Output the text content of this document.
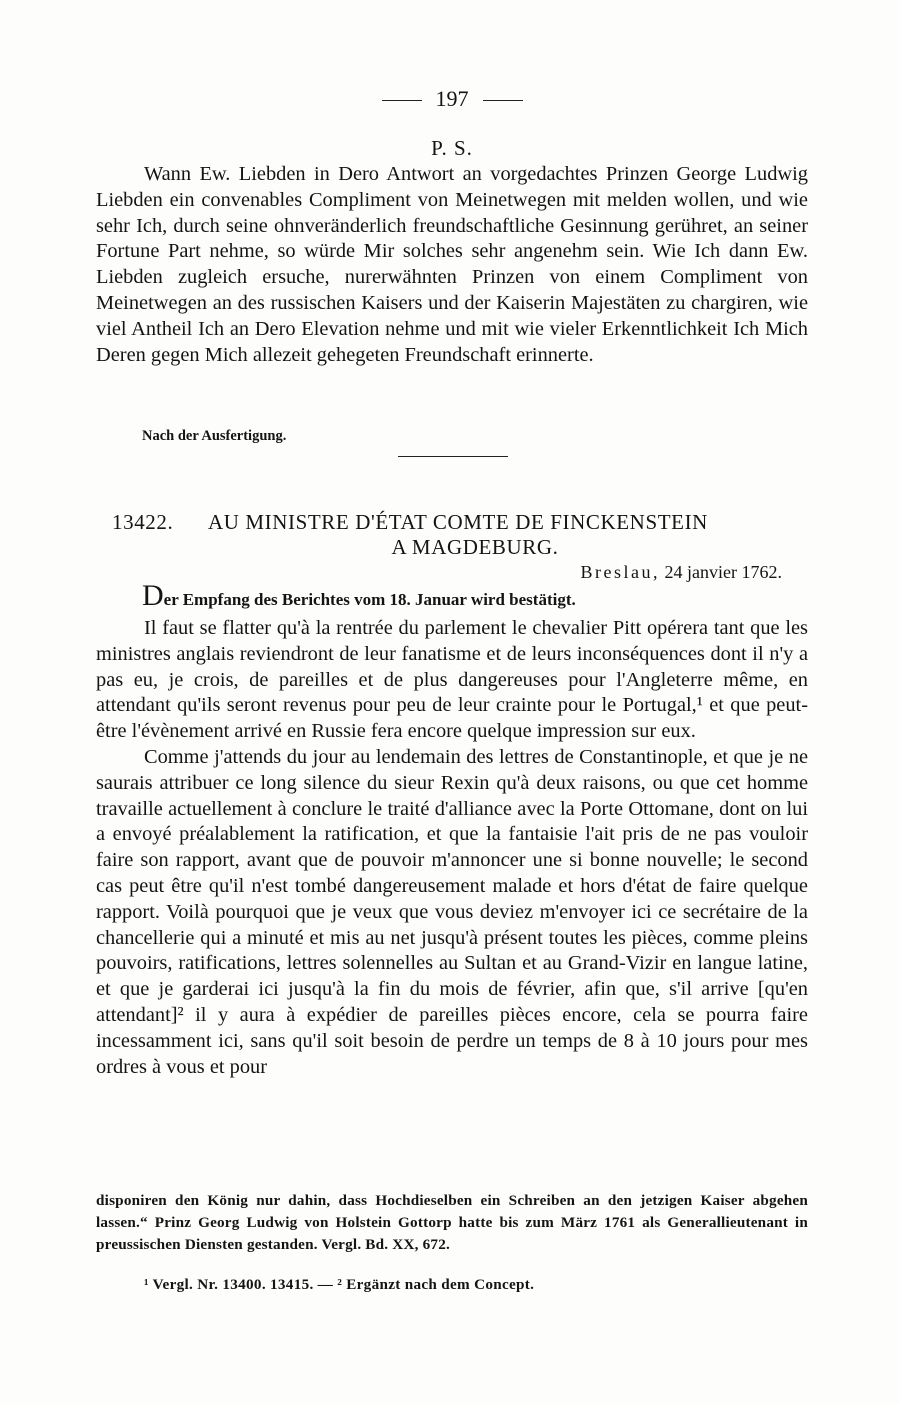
197
P. S.

Wann Ew. Liebden in Dero Antwort an vorgedachtes Prinzen George Ludwig Liebden ein convenables Compliment von Meinetwegen mit melden wollen, und wie sehr Ich, durch seine ohnveränderlich freundschaftliche Gesinnung gerühret, an seiner Fortune Part nehme, so würde Mir solches sehr angenehm sein. Wie Ich dann Ew. Liebden zugleich ersuche, nurerwähnten Prinzen von einem Compliment von Meinetwegen an des russischen Kaisers und der Kaiserin Majestäten zu chargiren, wie viel Antheil Ich an Dero Elevation nehme und mit wie vieler Erkenntlichkeit Ich Mich Deren gegen Mich allezeit gehegeten Freundschaft erinnerte.

Nach der Ausfertigung.
13422. AU MINISTRE D'ÉTAT COMTE DE FINCKENSTEIN
A MAGDEBURG.
Breslau, 24 janvier 1762.
Der Empfang des Berichtes vom 18. Januar wird bestätigt.

Il faut se flatter qu'à la rentrée du parlement le chevalier Pitt opérera tant que les ministres anglais reviendront de leur fanatisme et de leurs inconséquences dont il n'y a pas eu, je crois, de pareilles et de plus dangereuses pour l'Angleterre même, en attendant qu'ils seront revenus pour peu de leur crainte pour le Portugal,¹ et que peut-être l'évènement arrivé en Russie fera encore quelque impression sur eux.

Comme j'attends du jour au lendemain des lettres de Constantinople, et que je ne saurais attribuer ce long silence du sieur Rexin qu'à deux raisons, ou que cet homme travaille actuellement à conclure le traité d'alliance avec la Porte Ottomane, dont on lui a envoyé préalablement la ratification, et que la fantaisie l'ait pris de ne pas vouloir faire son rapport, avant que de pouvoir m'annoncer une si bonne nouvelle; le second cas peut être qu'il n'est tombé dangereusement malade et hors d'état de faire quelque rapport. Voilà pourquoi que je veux que vous deviez m'envoyer ici ce secrétaire de la chancellerie qui a minuté et mis au net jusqu'à présent toutes les pièces, comme pleins pouvoirs, ratifications, lettres solennelles au Sultan et au Grand-Vizir en langue latine, et que je garderai ici jusqu'à la fin du mois de février, afin que, s'il arrive [qu'en attendant]² il y aura à expédier de pareilles pièces encore, cela se pourra faire incessamment ici, sans qu'il soit besoin de perdre un temps de 8 à 10 jours pour mes ordres à vous et pour

disponiren den König nur dahin, dass Hochdieselben ein Schreiben an den jetzigen Kaiser abgehen lassen.“ Prinz Georg Ludwig von Holstein Gottorp hatte bis zum März 1761 als Generallieutenant in preussischen Diensten gestanden. Vergl. Bd. XX, 672.
¹ Vergl. Nr. 13400. 13415. — ² Ergänzt nach dem Concept.
